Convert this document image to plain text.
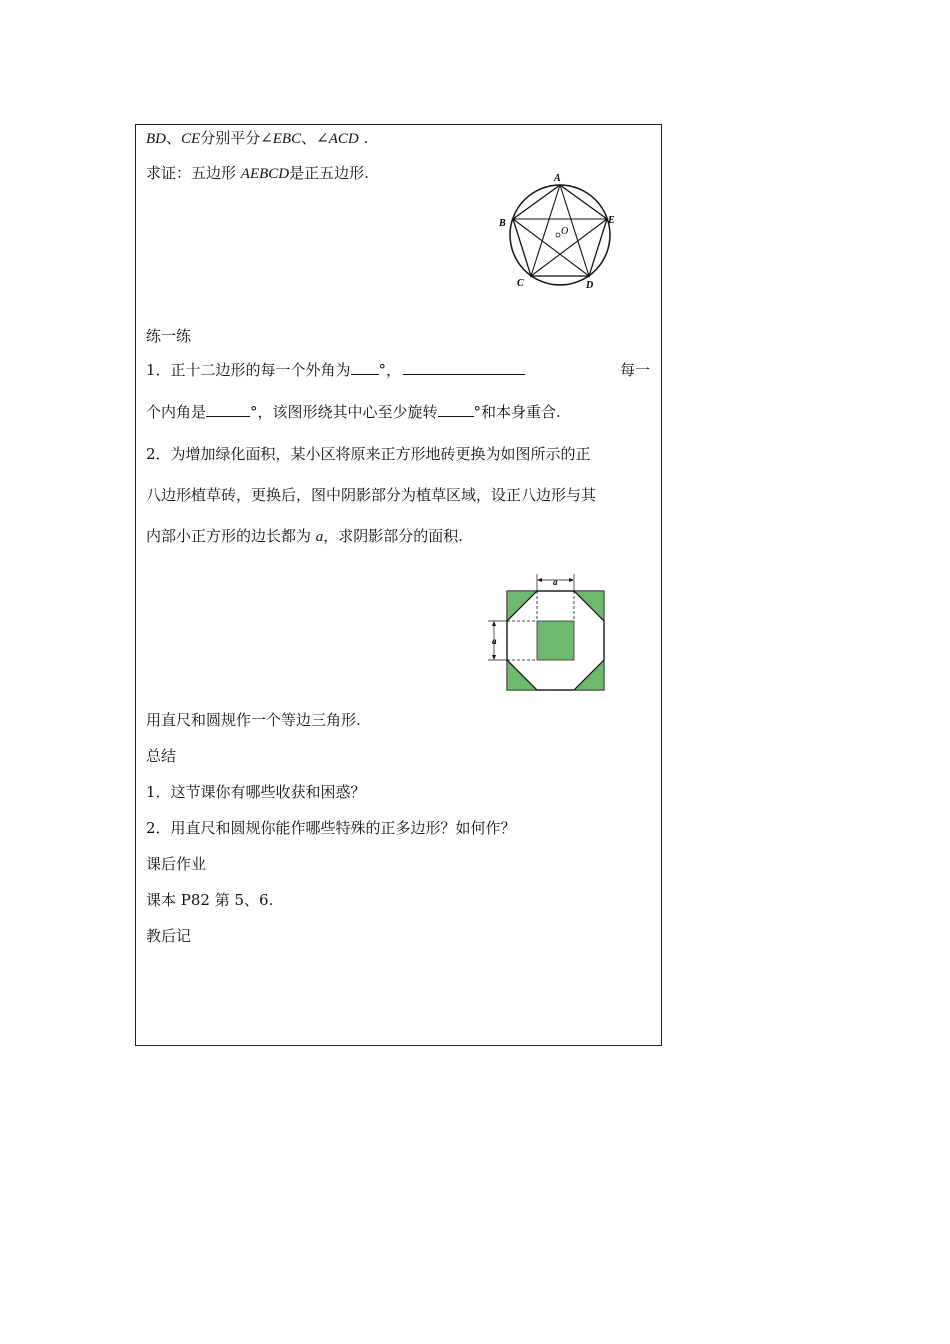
BD、CE分别平分∠EBC、∠ACD .
求证：五边形 AEBCD是正五边形.	A
B	E
C	D
O
练一练
1．正十二边形的每一个外角为 °，	每一
个内角是	°，该图形绕其中心至少旋转 °和本身重合.
2．为增加绿化面积，某小区将原来正方形地砖更换为如图所示的正
八边形植草砖，更换后，图中阴影部分为植草区域，设正八边形与其
内部小正方形的边长都为 a，求阴影部分的面积.
a
a
用直尺和圆规作一个等边三角形.
总结
1．这节课你有哪些收获和困惑？
2．用直尺和圆规你能作哪些特殊的正多边形？如何作？
课后作业
课本 P82 第 5、6.
教后记
